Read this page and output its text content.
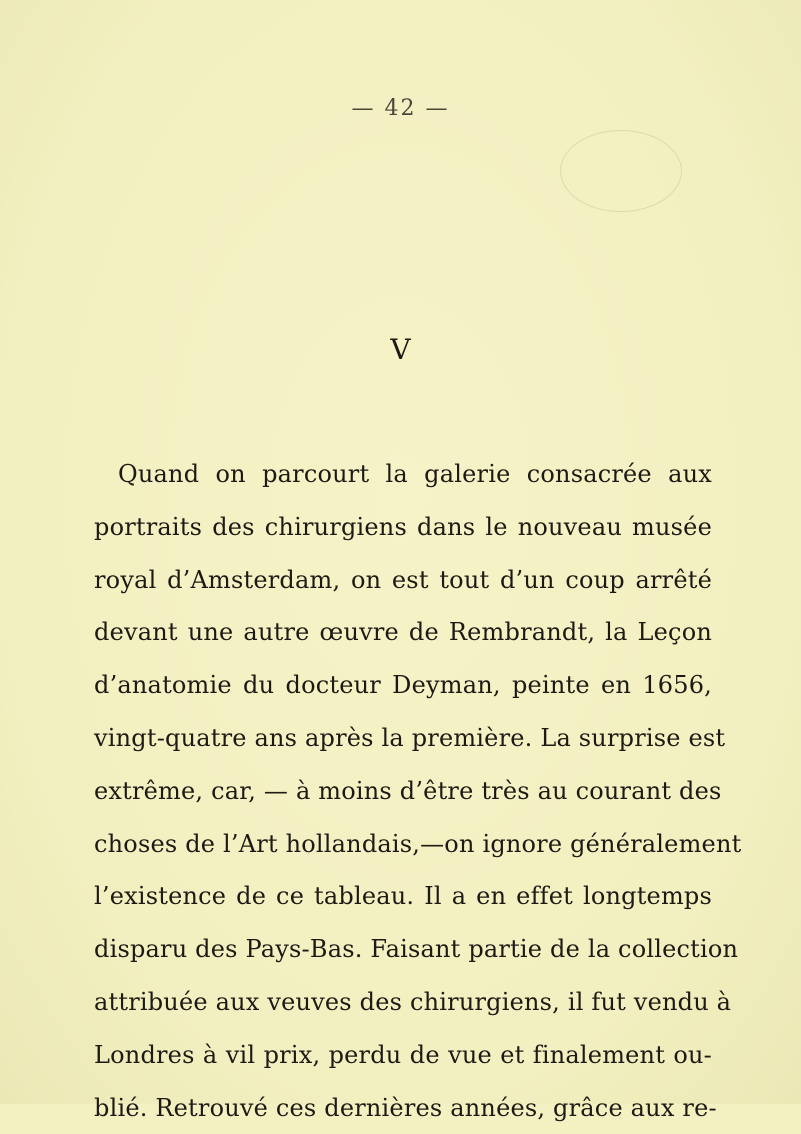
— 42 —
V
Quand on parcourt la galerie consacrée aux
portraits des chirurgiens dans le nouveau musée
royal d’Amsterdam, on est tout d’un coup arrêté
devant une autre œuvre de Rembrandt, la Leçon
d’anatomie du docteur Deyman, peinte en 1656,
vingt-quatre ans après la première. La surprise est
extrême, car, — à moins d’être très au courant des
choses de l’Art hollandais,—on ignore généralement
l’existence de ce tableau. Il a en effet longtemps
disparu des Pays-Bas. Faisant partie de la collection
attribuée aux veuves des chirurgiens, il fut vendu à
Londres à vil prix, perdu de vue et finalement ou-
blié. Retrouvé ces dernières années, grâce aux re-
